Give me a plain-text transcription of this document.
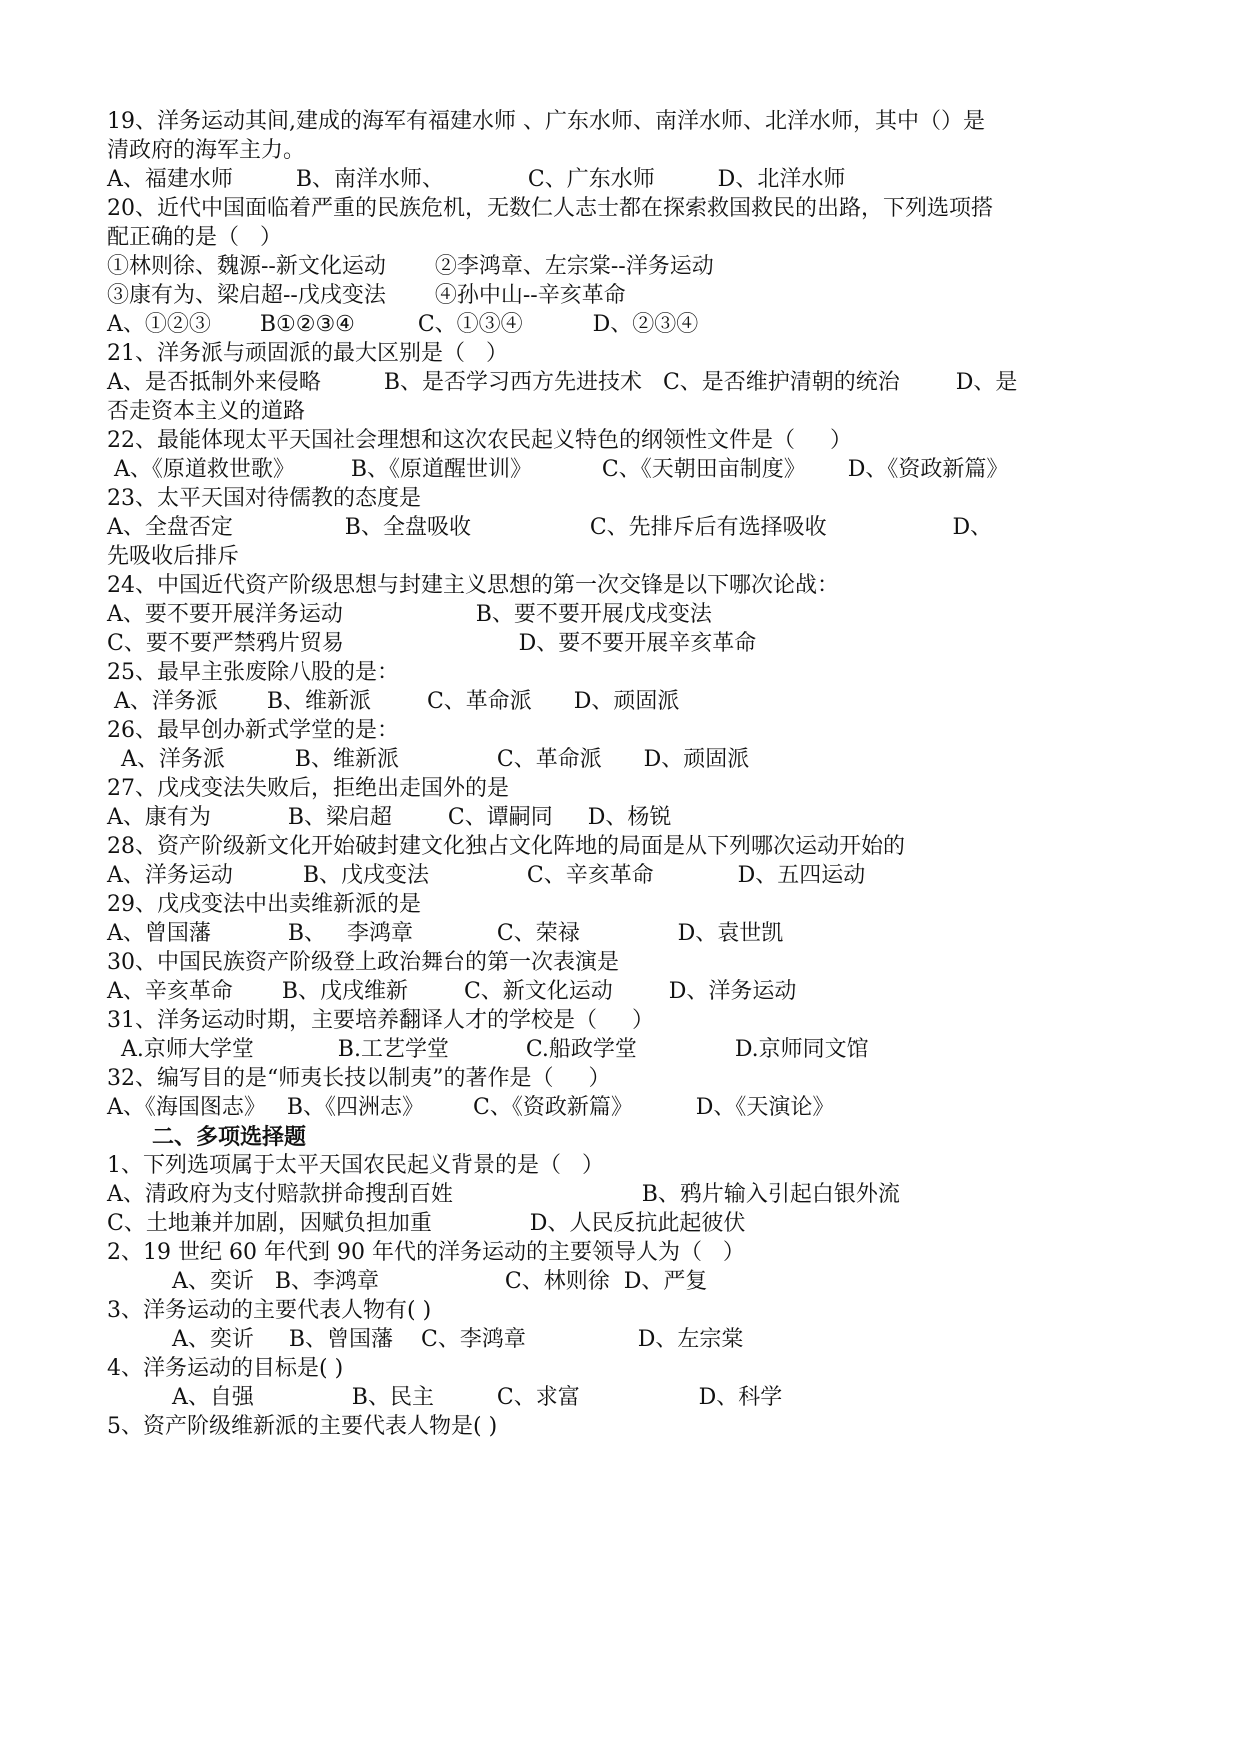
19、洋务运动其间,建成的海军有福建水师 、广东水师、南洋水师、北洋水师，其中（）是
清政府的海军主力。
A、福建水师         B、南洋水师、            C、广东水师         D、北洋水师
20、近代中国面临着严重的民族危机，无数仁人志士都在探索救国救民的出路，下列选项搭
配正确的是（   ）
①林则徐、魏源--新文化运动       ②李鸿章、左宗棠--洋务运动
③康有为、梁启超--戊戌变法       ④孙中山--辛亥革命
A、①②③       B①②③④         C、①③④          D、②③④
21、洋务派与顽固派的最大区别是（   ）
A、是否抵制外来侵略         B、是否学习西方先进技术   C、是否维护清朝的统治        D、是
否走资本主义的道路
22、最能体现太平天国社会理想和这次农民起义特色的纲领性文件是（     ）
A、《原道救世歌》        B、《原道醒世训》          C、《天朝田亩制度》      D、《资政新篇》
23、太平天国对待儒教的态度是
A、全盘否定                B、全盘吸收                 C、先排斥后有选择吸收                  D、
先吸收后排斥
24、中国近代资产阶级思想与封建主义思想的第一次交锋是以下哪次论战：
A、要不要开展洋务运动                   B、要不要开展戊戌变法
C、要不要严禁鸦片贸易                         D、要不要开展辛亥革命
25、最早主张废除八股的是：
A、洋务派       B、维新派        C、革命派      D、顽固派
26、最早创办新式学堂的是：
A、洋务派          B、维新派              C、革命派      D、顽固派
27、戊戌变法失败后，拒绝出走国外的是
A、康有为           B、梁启超        C、谭嗣同     D、杨锐
28、资产阶级新文化开始破封建文化独占文化阵地的局面是从下列哪次运动开始的
A、洋务运动          B、戊戌变法              C、辛亥革命            D、五四运动
29、戊戌变法中出卖维新派的是
A、曾国藩           B、   李鸿章            C、荣禄              D、袁世凯
30、中国民族资产阶级登上政治舞台的第一次表演是
A、辛亥革命       B、戊戌维新        C、新文化运动        D、洋务运动
31、洋务运动时期，主要培养翻译人才的学校是（     ）
A.京师大学堂            B.工艺学堂           C.船政学堂              D.京师同文馆
32、编写目的是“师夷长技以制夷”的著作是（     ）
A、《海国图志》   B、《四洲志》       C、《资政新篇》         D、《天演论》
二、多项选择题
1、下列选项属于太平天国农民起义背景的是（   ）
A、清政府为支付赔款拼命搜刮百姓                           B、鸦片输入引起白银外流
C、土地兼并加剧，因赋负担加重              D、人民反抗此起彼伏
2、19 世纪 60 年代到 90 年代的洋务运动的主要领导人为（   ）
A、奕䜣   B、李鸿章                  C、林则徐  D、严复
3、洋务运动的主要代表人物有( )
A、奕䜣     B、曾国藩    C、李鸿章                D、左宗棠
4、洋务运动的目标是( )
A、自强              B、民主         C、求富                 D、科学
5、资产阶级维新派的主要代表人物是( )
